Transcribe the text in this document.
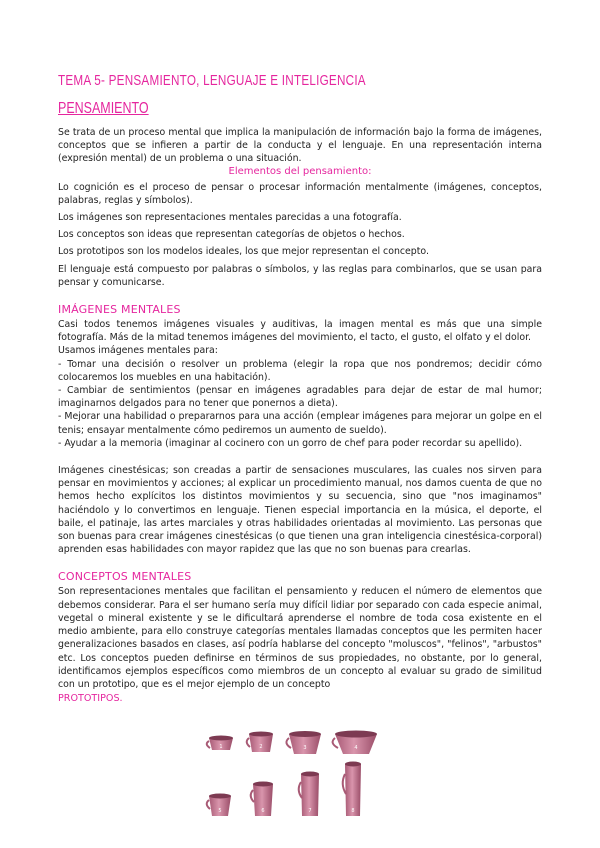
TEMA 5- PENSAMIENTO, LENGUAJE E INTELIGENCIA
PENSAMIENTO

Se trata de un proceso mental que implica la manipulación de información bajo la forma de imágenes, conceptos que se infieren a partir de la conducta y el lenguaje. En una representación interna (expresión mental) de un problema o una situación.

Elementos del pensamiento:

Lo cognición es el proceso de pensar o procesar información mentalmente (imágenes, conceptos, palabras, reglas y símbolos).

Los imágenes son representaciones mentales parecidas a una fotografía.

Los conceptos son ideas que representan categorías de objetos o hechos.

Los prototipos son los modelos ideales, los que mejor representan el concepto.

El lenguaje está compuesto por palabras o símbolos, y las reglas para combinarlos, que se usan para pensar y comunicarse.

IMÁGENES MENTALES

Casi todos tenemos imágenes visuales y auditivas, la imagen mental es más que una simple fotografía. Más de la mitad tenemos imágenes del movimiento, el tacto, el gusto, el olfato y el dolor.

Usamos imágenes mentales para:

- Tomar una decisión o resolver un problema (elegir la ropa que nos pondremos; decidir cómo colocaremos los muebles en una habitación).

- Cambiar de sentimientos (pensar en imágenes agradables para dejar de estar de mal humor; imaginarnos delgados para no tener que ponernos a dieta).

- Mejorar una habilidad o prepararnos para una acción (emplear imágenes para mejorar un golpe en el tenis; ensayar mentalmente cómo pediremos un aumento de sueldo).

- Ayudar a la memoria (imaginar al cocinero con un gorro de chef para poder recordar su apellido).

Imágenes cinestésicas; son creadas a partir de sensaciones musculares, las cuales nos sirven para pensar en movimientos y acciones; al explicar un procedimiento manual, nos damos cuenta de que no hemos hecho explícitos los distintos movimientos y su secuencia, sino que "nos imaginamos" haciéndolo y lo convertimos en lenguaje. Tienen especial importancia en la música, el deporte, el baile, el patinaje, las artes marciales y otras habilidades orientadas al movimiento. Las personas que son buenas para crear imágenes cinestésicas (o que tienen una gran inteligencia cinestésica-corporal) aprenden esas habilidades con mayor rapidez que las que no son buenas para crearlas.

CONCEPTOS MENTALES

Son representaciones mentales que facilitan el pensamiento y reducen el número de elementos que debemos considerar. Para el ser humano sería muy difícil lidiar por separado con cada especie animal, vegetal o mineral existente y se le dificultará aprenderse el nombre de toda cosa existente en el medio ambiente, para ello construye categorías mentales llamadas conceptos que les permiten hacer generalizaciones basados en clases, así podría hablarse del concepto "moluscos", "felinos", "arbustos" etc. Los conceptos pueden definirse en términos de sus propiedades, no obstante, por lo general, identificamos ejemplos específicos como miembros de un concepto al evaluar su grado de similitud con un prototipo, que es el mejor ejemplo de un concepto

PROTOTIPOS.
1	2	3	4
5	6	7	8
